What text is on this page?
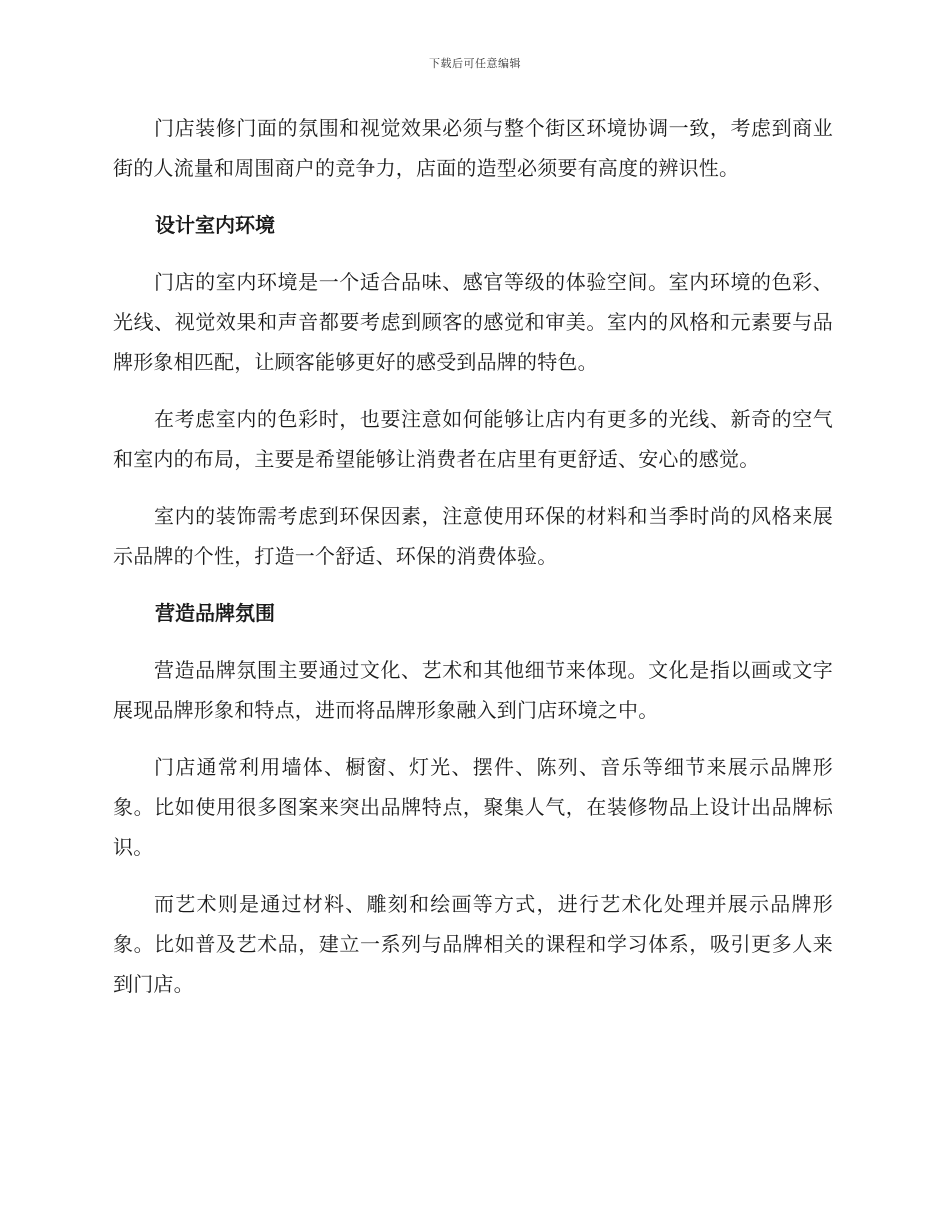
下载后可任意编辑

门店装修门面的氛围和视觉效果必须与整个街区环境协调一致，考虑到商业街的人流量和周围商户的竞争力，店面的造型必须要有高度的辨识性。

设计室内环境

门店的室内环境是一个适合品味、感官等级的体验空间。室内环境的色彩、光线、视觉效果和声音都要考虑到顾客的感觉和审美。室内的风格和元素要与品牌形象相匹配，让顾客能够更好的感受到品牌的特色。

在考虑室内的色彩时，也要注意如何能够让店内有更多的光线、新奇的空气和室内的布局，主要是希望能够让消费者在店里有更舒适、安心的感觉。

室内的装饰需考虑到环保因素，注意使用环保的材料和当季时尚的风格来展示品牌的个性，打造一个舒适、环保的消费体验。

营造品牌氛围

营造品牌氛围主要通过文化、艺术和其他细节来体现。文化是指以画或文字展现品牌形象和特点，进而将品牌形象融入到门店环境之中。

门店通常利用墙体、橱窗、灯光、摆件、陈列、音乐等细节来展示品牌形象。比如使用很多图案来突出品牌特点，聚集人气，在装修物品上设计出品牌标识。

而艺术则是通过材料、雕刻和绘画等方式，进行艺术化处理并展示品牌形象。比如普及艺术品，建立一系列与品牌相关的课程和学习体系，吸引更多人来到门店。
